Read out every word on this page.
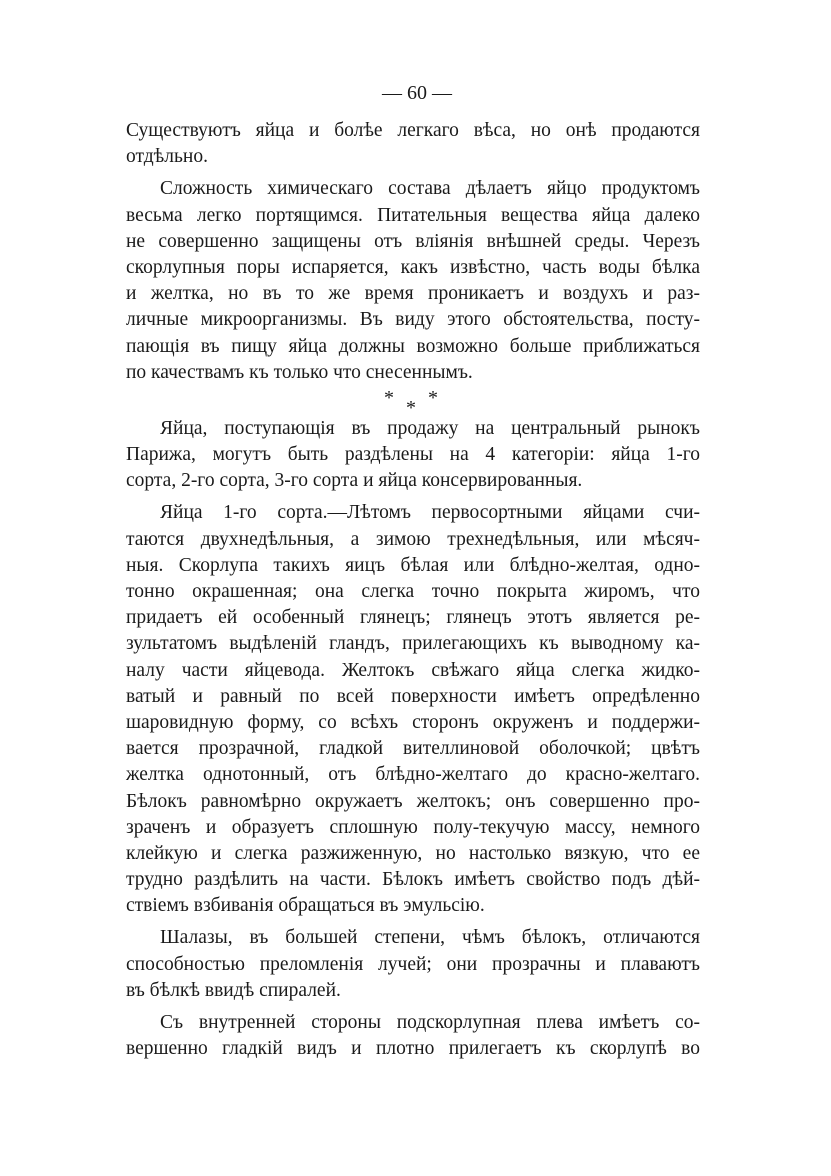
— 60 —
Существуютъ яйца и болѣе легкаго вѣса, но онѣ продаются
отдѣльно.
Сложность химическаго состава дѣлаетъ яйцо продуктомъ
весьма легко портящимся. Питательныя вещества яйца далеко
не совершенно защищены отъ вліянія внѣшней среды. Черезъ
скорлупныя поры испаряется, какъ извѣстно, часть воды бѣлка
и желтка, но въ то же время проникаетъ и воздухъ и раз-
личные микроорганизмы. Въ виду этого обстоятельства, посту-
пающія въ пищу яйца должны возможно больше приближаться
по качествамъ къ только что снесеннымъ.
* * *
Яйца, поступающія въ продажу на центральный рынокъ
Парижа, могутъ быть раздѣлены на 4 категоріи: яйца 1-го
сорта, 2-го сорта, 3-го сорта и яйца консервированныя.
Яйца 1-го сорта.—Лѣтомъ первосортными яйцами счи-
таются двухнедѣльныя, а зимою трехнедѣльныя, или мѣсяч-
ныя. Скорлупа такихъ яицъ бѣлая или блѣдно-желтая, одно-
тонно окрашенная; она слегка точно покрыта жиромъ, что
придаетъ ей особенный глянецъ; глянецъ этотъ является ре-
зультатомъ выдѣленій гландъ, прилегающихъ къ выводному ка-
налу части яйцевода. Желтокъ свѣжаго яйца слегка жидко-
ватый и равный по всей поверхности имѣетъ опредѣленно
шаровидную форму, со всѣхъ сторонъ окруженъ и поддержи-
вается прозрачной, гладкой вителлиновой оболочкой; цвѣтъ
желтка однотонный, отъ блѣдно-желтаго до красно-желтаго.
Бѣлокъ равномѣрно окружаетъ желтокъ; онъ совершенно про-
зраченъ и образуетъ сплошную полу-текучую массу, немного
клейкую и слегка разжиженную, но настолько вязкую, что ее
трудно раздѣлить на части. Бѣлокъ имѣетъ свойство подъ дѣй-
ствіемъ взбиванія обращаться въ эмульсію.
Шалазы, въ большей степени, чѣмъ бѣлокъ, отличаются
способностью преломленія лучей; они прозрачны и плаваютъ
въ бѣлкѣ ввидѣ спиралей.
Съ внутренней стороны подскорлупная плева имѣетъ со-
вершенно гладкій видъ и плотно прилегаетъ къ скорлупѣ во
